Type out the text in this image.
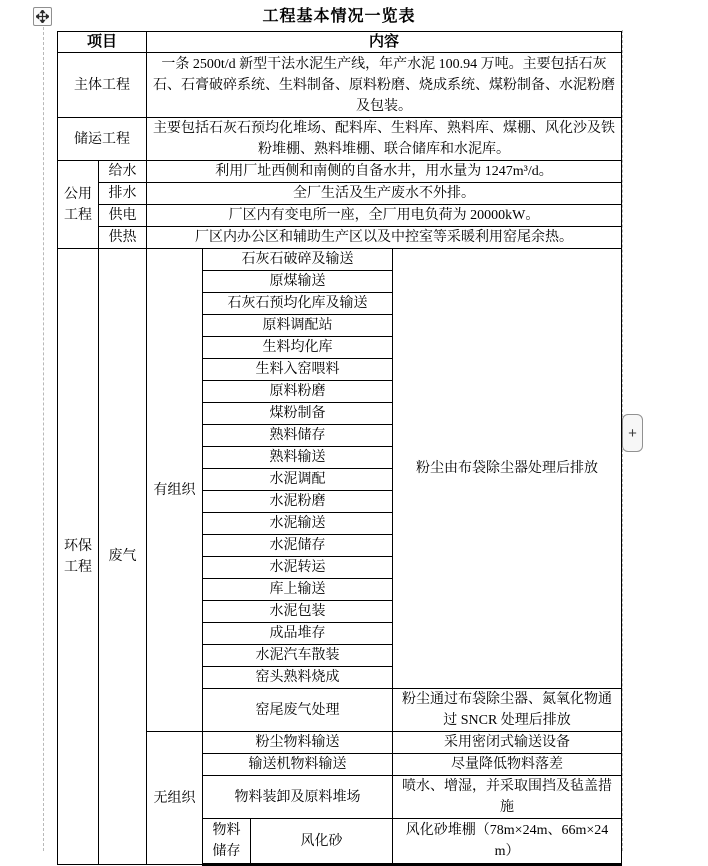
工程基本情况一览表
+
项目		内容			
主体工程		一条 2500t/d 新型干法水泥生产线，年产水泥 100.94 万吨。主要包括石灰石、石膏破碎系统、生料制备、原料粉磨、烧成系统、煤粉制备、水泥粉磨及包装。			
储运工程		主要包括石灰石预均化堆场、配料库、生料库、熟料库、煤棚、风化沙及铁粉堆棚、熟料堆棚、联合储库和水泥库。			
公用工程	给水	利用厂址西侧和南侧的自备水井，用水量为 1247m³/d。			
	排水	全厂生活及生产废水不外排。			
	供电	厂区内有变电所一座，全厂用电负荷为 20000kW。			
	供热	厂区内办公区和辅助生产区以及中控室等采暖利用窑尾余热。			
环保工程	废气	有组织	石灰石破碎及输送		粉尘由布袋除尘器处理后排放
			原煤输送		
			石灰石预均化库及输送		
			原料调配站		
			生料均化库		
			生料入窑喂料		
			原料粉磨		
			煤粉制备		
			熟料储存		
			熟料输送		
			水泥调配		
			水泥粉磨		
			水泥输送		
			水泥储存		
			水泥转运		
			库上输送		
			水泥包装		
			成品堆存		
			水泥汽车散装		
			窑头熟料烧成		
			窑尾废气处理		粉尘通过布袋除尘器、氮氧化物通过 SNCR 处理后排放
		无组织	粉尘物料输送		采用密闭式输送设备
			输送机物料输送		尽量降低物料落差
			物料装卸及原料堆场		喷水、增湿，并采取围挡及毡盖措施
			物料储存	风化砂	风化砂堆棚（78m×24m、66m×24m）
